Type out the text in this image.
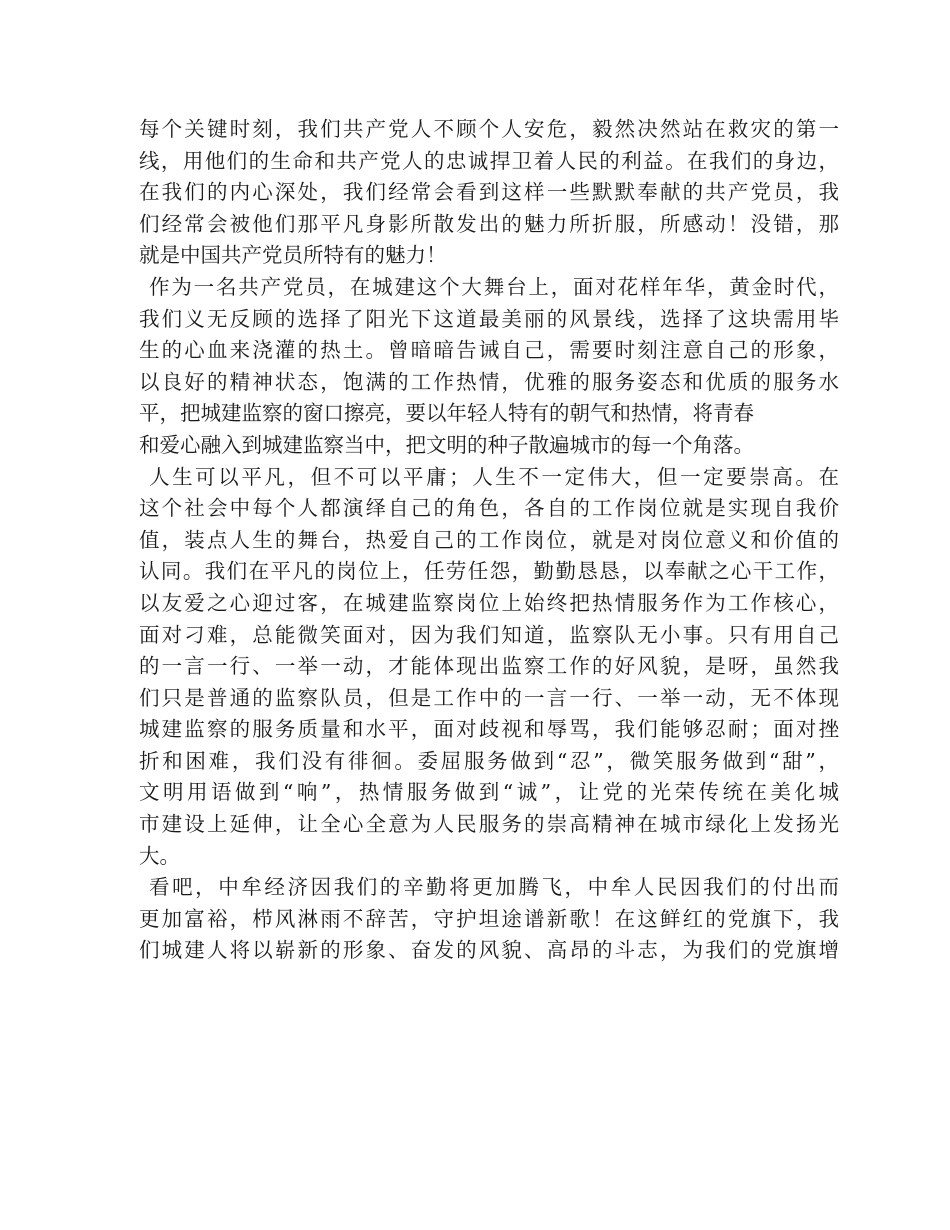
每个关键时刻，我们共产党人不顾个人安危，毅然决然站在救灾的第一
线，用他们的生命和共产党人的忠诚捍卫着人民的利益。在我们的身边，
在我们的内心深处，我们经常会看到这样一些默默奉献的共产党员，我
们经常会被他们那平凡身影所散发出的魅力所折服，所感动！没错，那
就是中国共产党员所特有的魅力！
作为一名共产党员，在城建这个大舞台上，面对花样年华，黄金时代，
我们义无反顾的选择了阳光下这道最美丽的风景线，选择了这块需用毕
生的心血来浇灌的热土。曾暗暗告诫自己，需要时刻注意自己的形象，
以良好的精神状态，饱满的工作热情，优雅的服务姿态和优质的服务水
平，把城建监察的窗口擦亮，要以年轻人特有的朝气和热情，将青春
和爱心融入到城建监察当中，把文明的种子散遍城市的每一个角落。
人生可以平凡，但不可以平庸；人生不一定伟大，但一定要崇高。在
这个社会中每个人都演绎自己的角色，各自的工作岗位就是实现自我价
值，装点人生的舞台，热爱自己的工作岗位，就是对岗位意义和价值的
认同。我们在平凡的岗位上，任劳任怨，勤勤恳恳，以奉献之心干工作，
以友爱之心迎过客，在城建监察岗位上始终把热情服务作为工作核心，
面对刁难，总能微笑面对，因为我们知道，监察队无小事。只有用自己
的一言一行、一举一动，才能体现出监察工作的好风貌，是呀，虽然我
们只是普通的监察队员，但是工作中的一言一行、一举一动，无不体现
城建监察的服务质量和水平，面对歧视和辱骂，我们能够忍耐；面对挫
折和困难，我们没有徘徊。委屈服务做到“忍”，微笑服务做到“甜”，
文明用语做到“响”，热情服务做到“诚”，让党的光荣传统在美化城
市建设上延伸，让全心全意为人民服务的崇高精神在城市绿化上发扬光
大。
看吧，中牟经济因我们的辛勤将更加腾飞，中牟人民因我们的付出而
更加富裕，栉风淋雨不辞苦，守护坦途谱新歌！在这鲜红的党旗下，我
们城建人将以崭新的形象、奋发的风貌、高昂的斗志，为我们的党旗增
